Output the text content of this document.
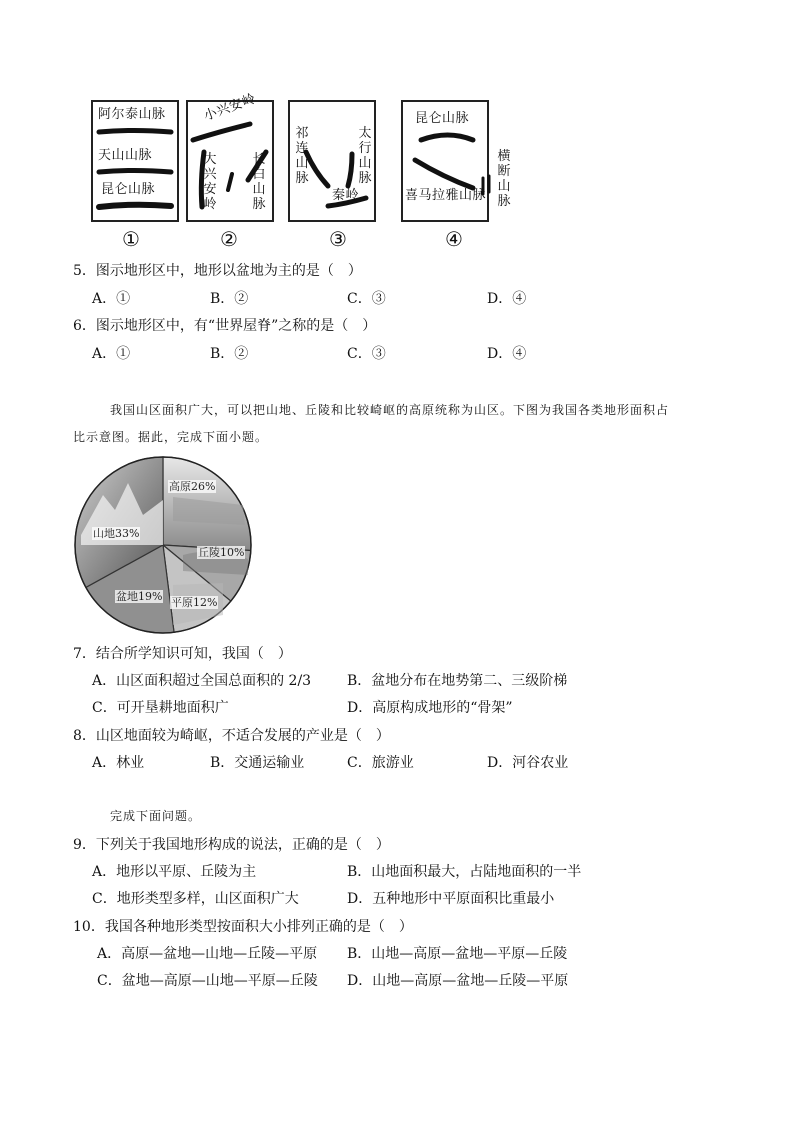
阿尔泰山脉
天山山脉
昆仑山脉
小兴安岭
大兴安岭
长白山脉
祁连山脉
太行山脉
秦岭
昆仑山脉
喜马拉雅山脉
横断山脉
①	②	③	④
5．图示地形区中，地形以盆地为主的是（　）
A．①	B．②	C．③	D．④
6．图示地形区中，有“世界屋脊”之称的是（　）
A．①	B．②	C．③	D．④
我国山区面积广大，可以把山地、丘陵和比较崎岖的高原统称为山区。下图为我国各类地形面积占
比示意图。据此，完成下面小题。
高原26%
丘陵10%
平原12%
盆地19%
山地33%
7．结合所学知识可知，我国（　）
A．山区面积超过全国总面积的 2/3	B．盆地分布在地势第二、三级阶梯
C．可开垦耕地面积广	D．高原构成地形的“骨架”
8．山区地面较为崎岖，不适合发展的产业是（　）
A．林业	B．交通运输业	C．旅游业	D．河谷农业
完成下面问题。
9．下列关于我国地形构成的说法，正确的是（　）
A．地形以平原、丘陵为主	B．山地面积最大，占陆地面积的一半
C．地形类型多样，山区面积广大	D．五种地形中平原面积比重最小
10．我国各种地形类型按面积大小排列正确的是（　）
A．高原—盆地—山地—丘陵—平原 B．山地—高原—盆地—平原—丘陵
C．盆地—高原—山地—平原—丘陵 D．山地—高原—盆地—丘陵—平原
